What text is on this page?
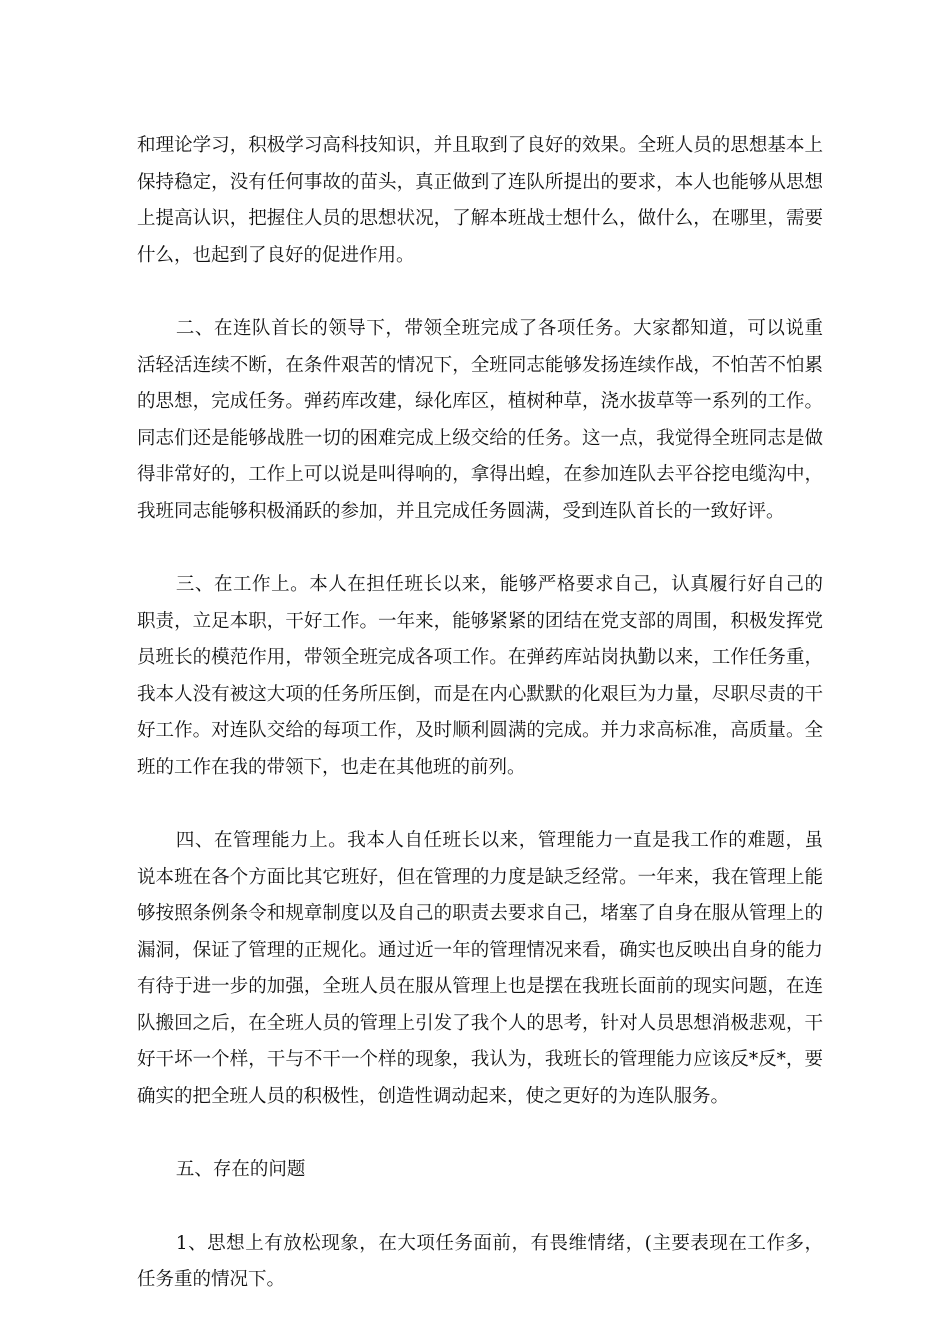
和理论学习，积极学习高科技知识，并且取到了良好的效果。全班人员的思想基本上保持稳定，没有任何事故的苗头，真正做到了连队所提出的要求，本人也能够从思想上提高认识，把握住人员的思想状况，了解本班战士想什么，做什么，在哪里，需要什么，也起到了良好的促进作用。

二、在连队首长的领导下，带领全班完成了各项任务。大家都知道，可以说重活轻活连续不断，在条件艰苦的情况下，全班同志能够发扬连续作战，不怕苦不怕累的思想，完成任务。弹药库改建，绿化库区，植树种草，浇水拔草等一系列的工作。同志们还是能够战胜一切的困难完成上级交给的任务。这一点，我觉得全班同志是做得非常好的，工作上可以说是叫得响的，拿得出蝗，在参加连队去平谷挖电缆沟中，我班同志能够积极涌跃的参加，并且完成任务圆满，受到连队首长的一致好评。

三、在工作上。本人在担任班长以来，能够严格要求自己，认真履行好自己的职责，立足本职，干好工作。一年来，能够紧紧的团结在党支部的周围，积极发挥党员班长的模范作用，带领全班完成各项工作。在弹药库站岗执勤以来，工作任务重，我本人没有被这大项的任务所压倒，而是在内心默默的化艰巨为力量，尽职尽责的干好工作。对连队交给的每项工作，及时顺利圆满的完成。并力求高标准，高质量。全班的工作在我的带领下，也走在其他班的前列。

四、在管理能力上。我本人自任班长以来，管理能力一直是我工作的难题，虽说本班在各个方面比其它班好，但在管理的力度是缺乏经常。一年来，我在管理上能够按照条例条令和规章制度以及自己的职责去要求自己，堵塞了自身在服从管理上的漏洞，保证了管理的正规化。通过近一年的管理情况来看，确实也反映出自身的能力有待于进一步的加强，全班人员在服从管理上也是摆在我班长面前的现实问题，在连队搬回之后，在全班人员的管理上引发了我个人的思考，针对人员思想消极悲观，干好干坏一个样，干与不干一个样的现象，我认为，我班长的管理能力应该反*反*，要确实的把全班人员的积极性，创造性调动起来，使之更好的为连队服务。

五、存在的问题

1、思想上有放松现象，在大项任务面前，有畏维情绪，(主要表现在工作多，任务重的情况下。
